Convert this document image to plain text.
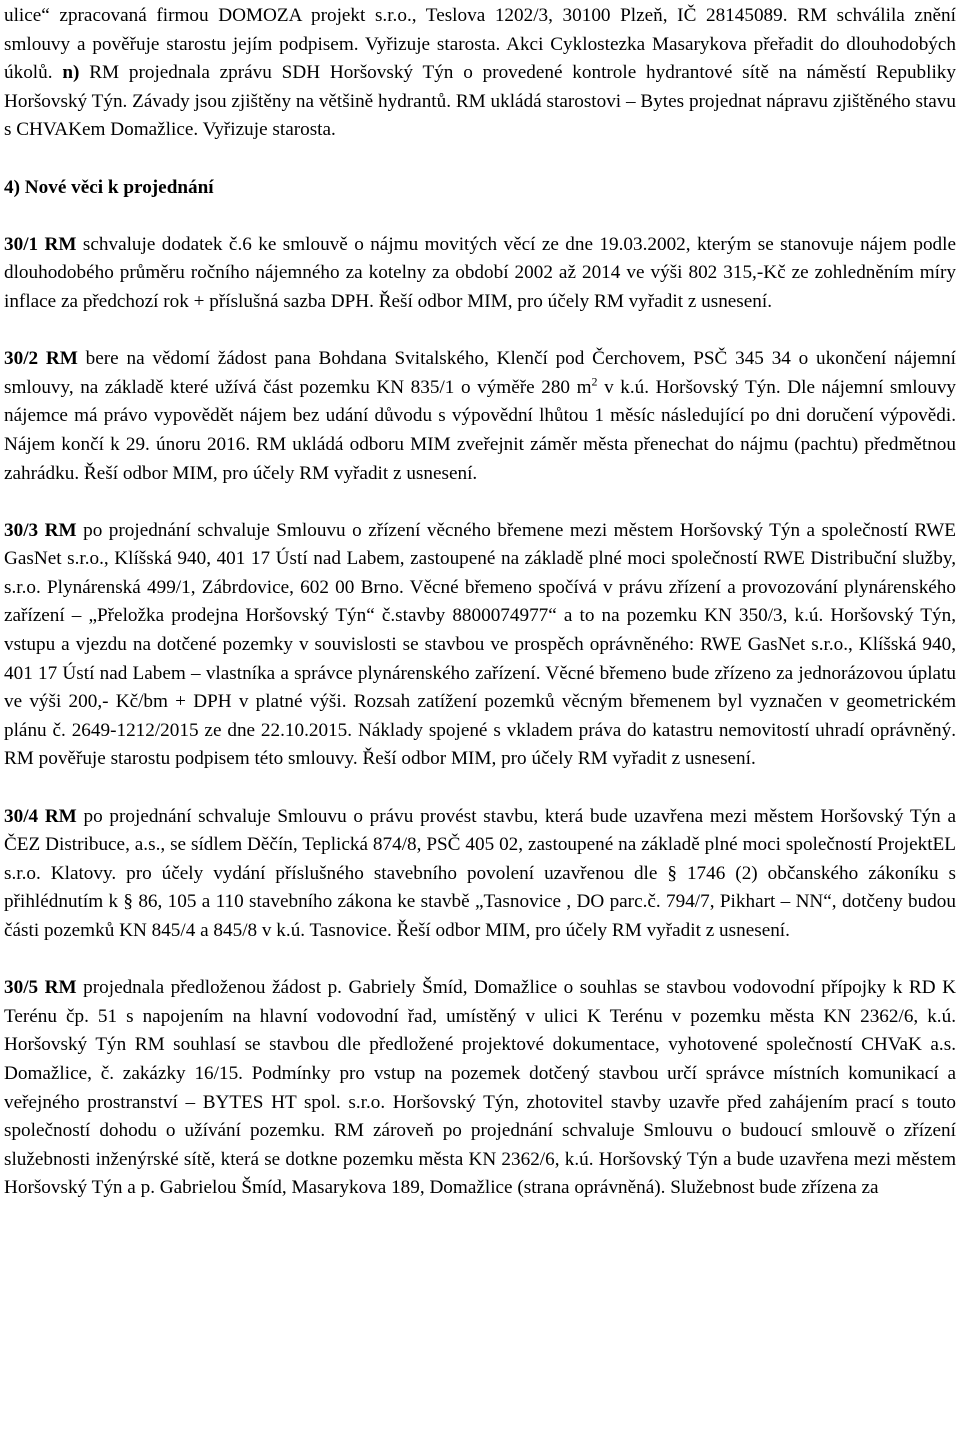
ulice“ zpracovaná firmou DOMOZA projekt s.r.o., Teslova 1202/3, 30100 Plzeň, IČ 28145089. RM schválila znění smlouvy a pověřuje starostu jejím podpisem. Vyřizuje starosta. Akci Cyklostezka Masarykova přeřadit do dlouhodobých úkolů. n) RM projednala zprávu SDH Horšovský Týn o provedené kontrole hydrantové sítě na náměstí Republiky Horšovský Týn. Závady jsou zjištěny na většině hydrantů. RM ukládá starostovi – Bytes projednat nápravu zjištěného stavu s CHVAKem Domažlice. Vyřizuje starosta.

4) Nové věci k projednání

30/1 RM schvaluje dodatek č.6 ke smlouvě o nájmu movitých věcí ze dne 19.03.2002, kterým se stanovuje nájem podle dlouhodobého průměru ročního nájemného za kotelny za období 2002 až 2014 ve výši 802 315,-Kč ze zohledněním míry inflace za předchozí rok + příslušná sazba DPH. Řeší odbor MIM, pro účely RM vyřadit z usnesení.

30/2 RM bere na vědomí žádost pana Bohdana Svitalského, Klenčí pod Čerchovem, PSČ 345 34 o ukončení nájemní smlouvy, na základě které užívá část pozemku KN 835/1 o výměře 280 $m^2$ v k.ú. Horšovský Týn. Dle nájemní smlouvy nájemce má právo vypovědět nájem bez udání důvodu s výpovědní lhůtou 1 měsíc následující po dni doručení výpovědi. Nájem končí k 29. únoru 2016. RM ukládá odboru MIM zveřejnit záměr města přenechat do nájmu (pachtu) předmětnou zahrádku. Řeší odbor MIM, pro účely RM vyřadit z usnesení.

30/3 RM po projednání schvaluje Smlouvu o zřízení věcného břemene mezi městem Horšovský Týn a společností RWE GasNet s.r.o., Klíšská 940, 401 17 Ústí nad Labem, zastoupené na základě plné moci společností RWE Distribuční služby, s.r.o. Plynárenská 499/1, Zábrdovice, 602 00 Brno. Věcné břemeno spočívá v právu zřízení a provozování plynárenského zařízení – „Přeložka prodejna Horšovský Týn“ č.stavby 8800074977“ a to na pozemku KN 350/3, k.ú. Horšovský Týn, vstupu a vjezdu na dotčené pozemky v souvislosti se stavbou ve prospěch oprávněného: RWE GasNet s.r.o., Klíšská 940, 401 17 Ústí nad Labem – vlastníka a správce plynárenského zařízení. Věcné břemeno bude zřízeno za jednorázovou úplatu ve výši 200,- Kč/bm + DPH v platné výši. Rozsah zatížení pozemků věcným břemenem byl vyznačen v geometrickém plánu č. 2649-1212/2015 ze dne 22.10.2015. Náklady spojené s vkladem práva do katastru nemovitostí uhradí oprávněný. RM pověřuje starostu podpisem této smlouvy. Řeší odbor MIM, pro účely RM vyřadit z usnesení.

30/4 RM po projednání schvaluje Smlouvu o právu provést stavbu, která bude uzavřena mezi městem Horšovský Týn a ČEZ Distribuce, a.s., se sídlem Děčín, Teplická 874/8, PSČ 405 02, zastoupené na základě plné moci společností ProjektEL s.r.o. Klatovy. pro účely vydání příslušného stavebního povolení uzavřenou dle § 1746 (2) občanského zákoníku s přihlédnutím k § 86, 105 a 110 stavebního zákona ke stavbě „Tasnovice , DO parc.č. 794/7, Pikhart – NN“, dotčeny budou části pozemků KN 845/4 a 845/8 v k.ú. Tasnovice. Řeší odbor MIM, pro účely RM vyřadit z usnesení.

30/5 RM projednala předloženou žádost p. Gabriely Šmíd, Domažlice o souhlas se stavbou vodovodní přípojky k RD K Terénu čp. 51 s napojením na hlavní vodovodní řad, umístěný v ulici K Terénu v pozemku města KN 2362/6, k.ú. Horšovský Týn RM souhlasí se stavbou dle předložené projektové dokumentace, vyhotovené společností CHVaK a.s. Domažlice, č. zakázky 16/15. Podmínky pro vstup na pozemek dotčený stavbou určí správce místních komunikací a veřejného prostranství – BYTES HT spol. s.r.o. Horšovský Týn, zhotovitel stavby uzavře před zahájením prací s touto společností dohodu o užívání pozemku. RM zároveň po projednání schvaluje Smlouvu o budoucí smlouvě o zřízení služebnosti inženýrské sítě, která se dotkne pozemku města KN 2362/6, k.ú. Horšovský Týn a bude uzavřena mezi městem Horšovský Týn a p. Gabrielou Šmíd, Masarykova 189, Domažlice (strana oprávněná). Služebnost bude zřízena za
